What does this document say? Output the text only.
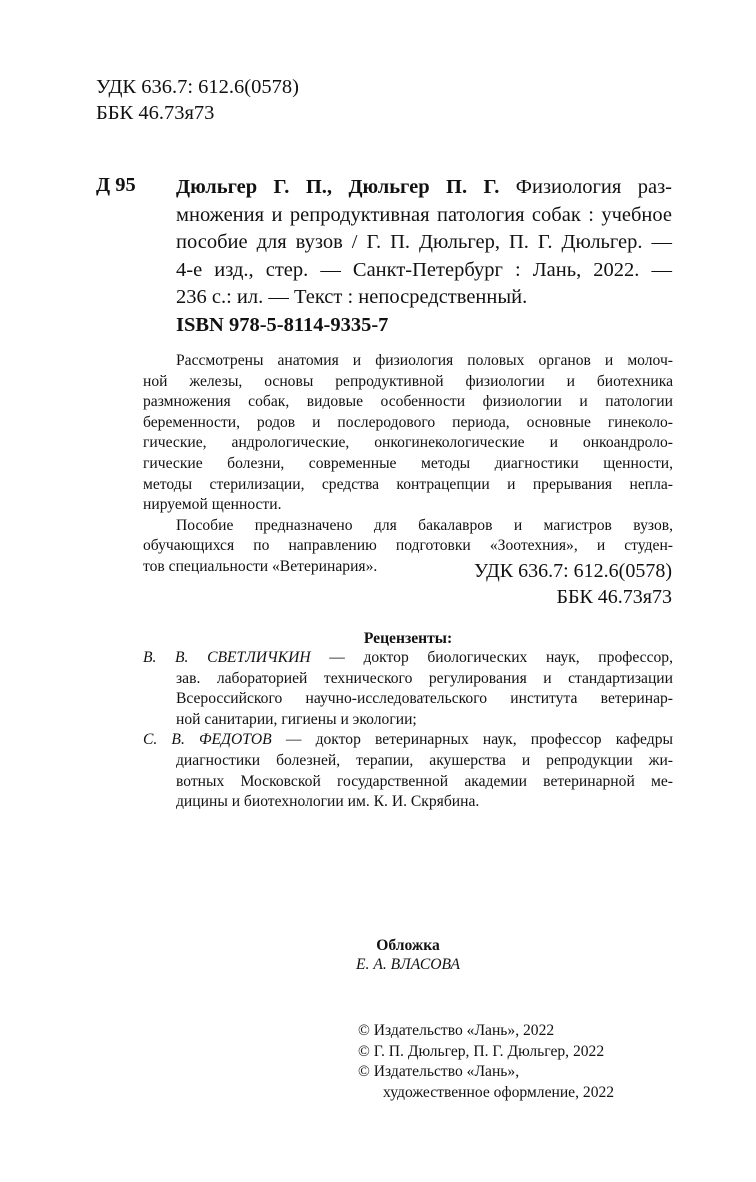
УДК 636.7: 612.6(0578)
ББК 46.73я73
Д 95 Дюльгер Г. П., Дюльгер П. Г. Физиология раз-
множения и репродуктивная патология собак : учебное
пособие для вузов / Г. П. Дюльгер, П. Г. Дюльгер. —
4-е изд., стер. — Санкт-Петербург : Лань, 2022. —
236 с.: ил. — Текст : непосредственный.
ISBN 978-5-8114-9335-7
Рассмотрены анатомия и физиология половых органов и молоч-
ной железы, основы репродуктивной физиологии и биотехника
размножения собак, видовые особенности физиологии и патологии
беременности, родов и послеродового периода, основные гинеколо-
гические, андрологические, онкогинекологические и онкоандроло-
гические болезни, современные методы диагностики щенности,
методы стерилизации, средства контрацепции и прерывания непла-
нируемой щенности.
Пособие предназначено для бакалавров и магистров вузов,
обучающихся по направлению подготовки «Зоотехния», и студен-
тов специальности «Ветеринария».	УДК 636.7: 612.6(0578)
ББК 46.73я73
Рецензенты:
В. В. СВЕТЛИЧКИН — доктор биологических наук, профессор,
зав. лабораторией технического регулирования и стандартизации
Всероссийского научно-исследовательского института ветеринар-
ной санитарии, гигиены и экологии;
С. В. ФЕДОТОВ — доктор ветеринарных наук, профессор кафедры
диагностики болезней, терапии, акушерства и репродукции жи-
вотных Московской государственной академии ветеринарной ме-
дицины и биотехнологии им. К. И. Скрябина.
Обложка
Е. А. ВЛАСОВА
© Издательство «Лань», 2022
© Г. П. Дюльгер, П. Г. Дюльгер, 2022
© Издательство «Лань»,
художественное оформление, 2022
